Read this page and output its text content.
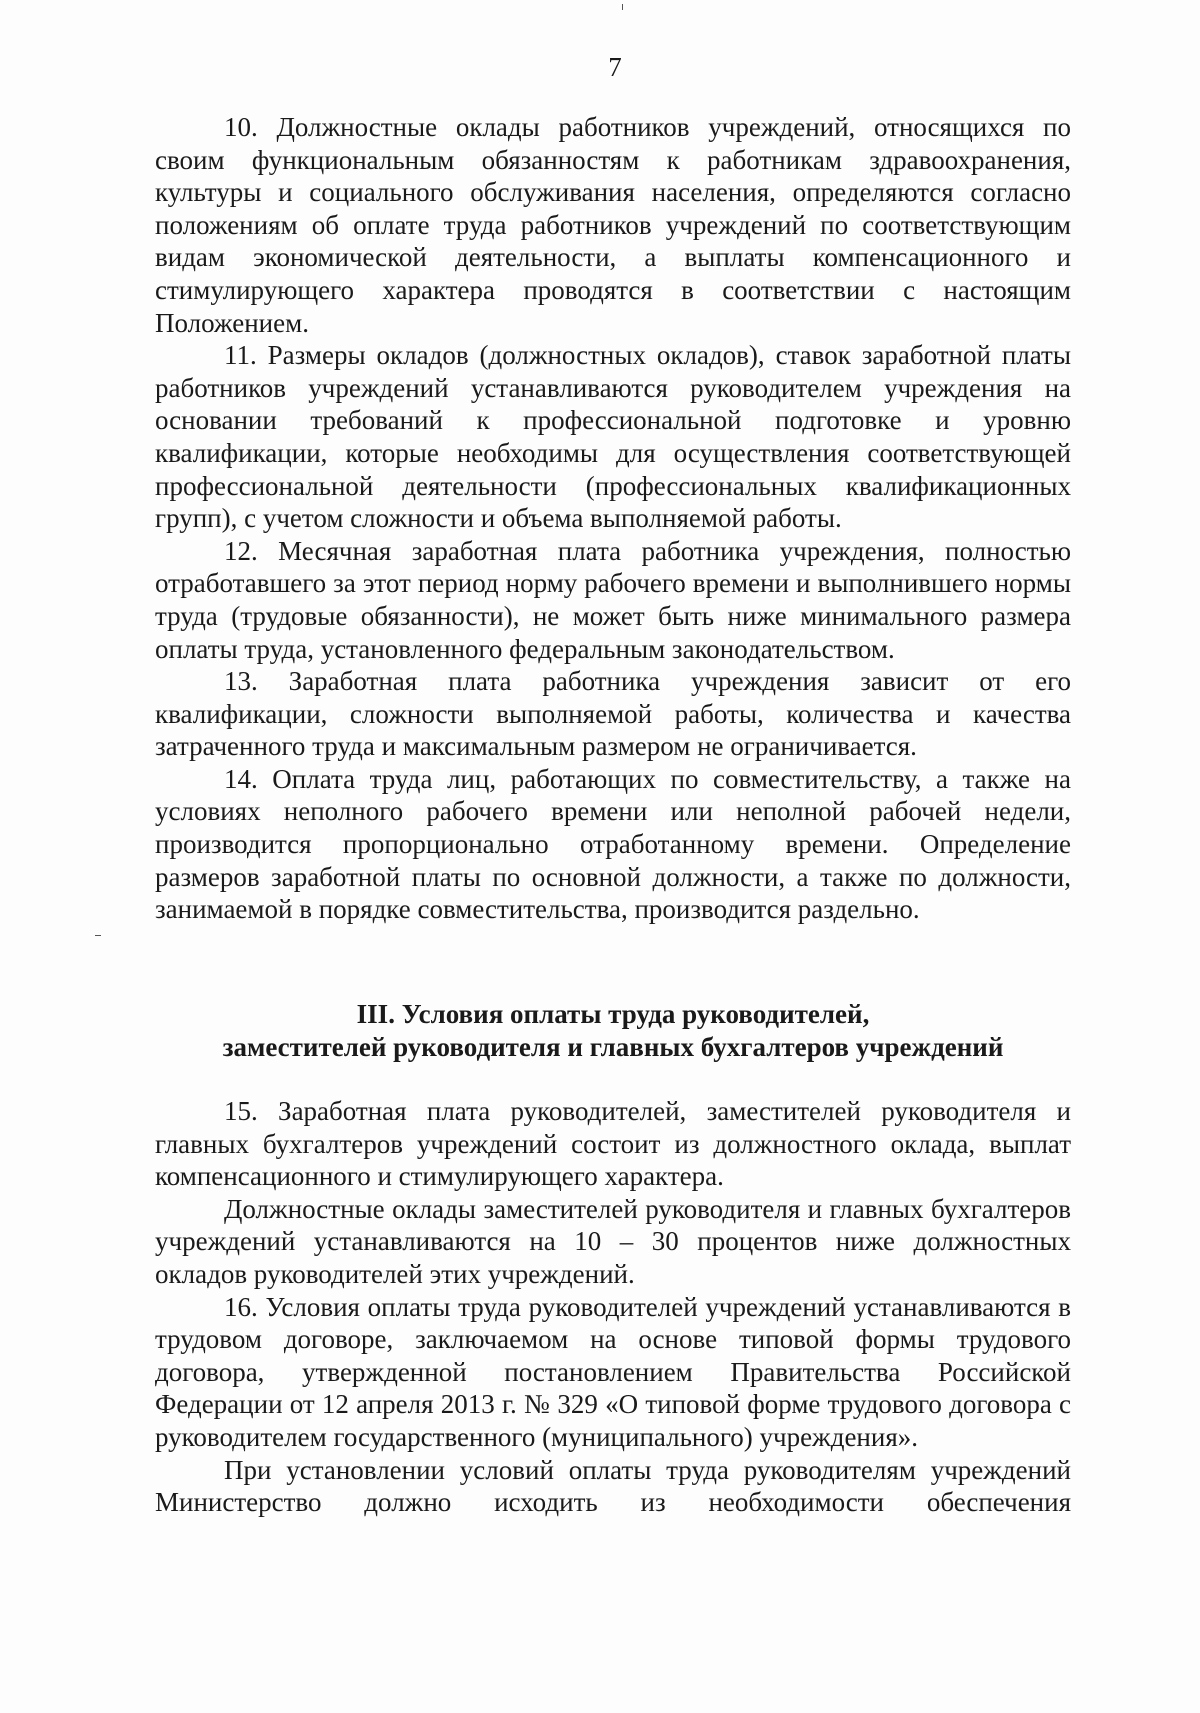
7

10. Должностные оклады работников учреждений, относящихся по своим функциональным обязанностям к работникам здравоохранения, культуры и социального обслуживания населения, определяются согласно положениям об оплате труда работников учреждений по соответствующим видам экономической деятельности, а выплаты компенсационного и стимулирующего характера проводятся в соответствии с настоящим Положением.

11. Размеры окладов (должностных окладов), ставок заработной платы работников учреждений устанавливаются руководителем учреждения на основании требований к профессиональной подготовке и уровню квалификации, которые необходимы для осуществления соответствующей профессиональной деятельности (профессиональных квалификационных групп), с учетом сложности и объема выполняемой работы.

12. Месячная заработная плата работника учреждения, полностью отработавшего за этот период норму рабочего времени и выполнившего нормы труда (трудовые обязанности), не может быть ниже минимального размера оплаты труда, установленного федеральным законодательством.

13. Заработная плата работника учреждения зависит от его квалификации, сложности выполняемой работы, количества и качества затраченного труда и максимальным размером не ограничивается.

14. Оплата труда лиц, работающих по совместительству, а также на условиях неполного рабочего времени или неполной рабочей недели, производится пропорционально отработанному времени. Определение размеров заработной платы по основной должности, а также по должности, занимаемой в порядке совместительства, производится раздельно.

III. Условия оплаты труда руководителей,
заместителей руководителя и главных бухгалтеров учреждений

15. Заработная плата руководителей, заместителей руководителя и главных бухгалтеров учреждений состоит из должностного оклада, выплат компенсационного и стимулирующего характера.

Должностные оклады заместителей руководителя и главных бухгалтеров учреждений устанавливаются на 10 – 30 процентов ниже должностных окладов руководителей этих учреждений.

16. Условия оплаты труда руководителей учреждений устанавливаются в трудовом договоре, заключаемом на основе типовой формы трудового договора, утвержденной постановлением Правительства Российской Федерации от 12 апреля 2013 г. № 329 «О типовой форме трудового договора с руководителем государственного (муниципального) учреждения».

При установлении условий оплаты труда руководителям учреждений Министерство должно исходить из необходимости обеспечения
